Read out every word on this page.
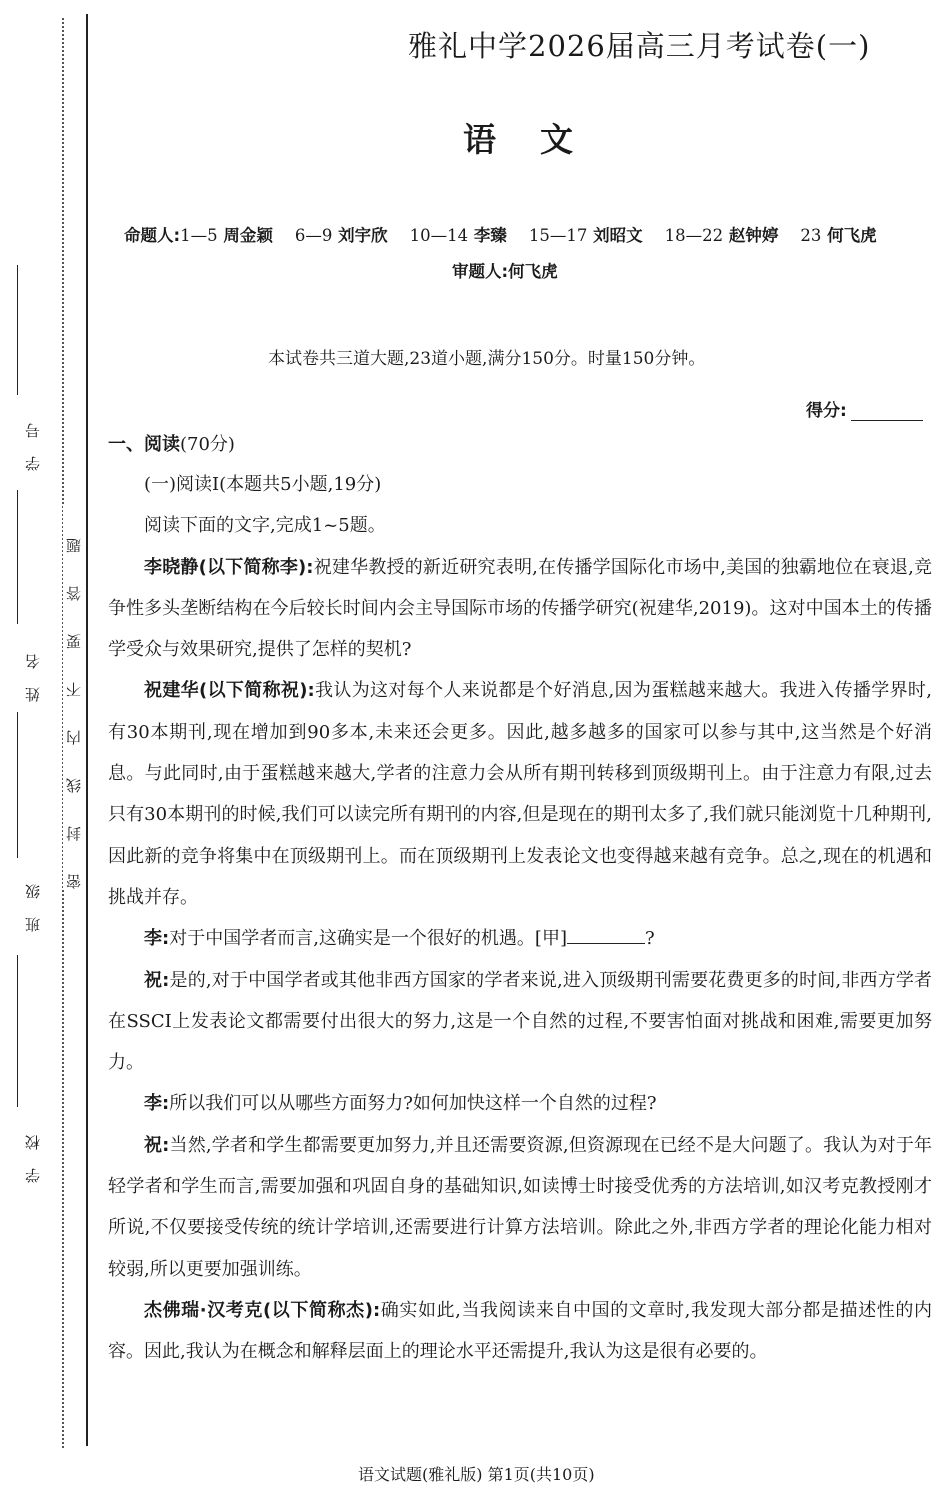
学号
姓名
班级
学校
密封线内不要答题
雅礼中学2026届高三月考试卷(一)
语文
命题人:1—5 周金颖 6—9 刘宇欣 10—14 李臻 15—17 刘昭文 18—22 赵钟婷 23 何飞虎
审题人:何飞虎
本试卷共三道大题,23道小题,满分150分。时量150分钟。
得分:
一、阅读(70分)

(一)阅读Ⅰ(本题共5小题,19分)

阅读下面的文字,完成1~5题。

李晓静(以下简称李):祝建华教授的新近研究表明,在传播学国际化市场中,美国的独霸地位在衰退,竞争性多头垄断结构在今后较长时间内会主导国际市场的传播学研究(祝建华,2019)。这对中国本土的传播学受众与效果研究,提供了怎样的契机?

祝建华(以下简称祝):我认为这对每个人来说都是个好消息,因为蛋糕越来越大。我进入传播学界时,有30本期刊,现在增加到90多本,未来还会更多。因此,越多越多的国家可以参与其中,这当然是个好消息。与此同时,由于蛋糕越来越大,学者的注意力会从所有期刊转移到顶级期刊上。由于注意力有限,过去只有30本期刊的时候,我们可以读完所有期刊的内容,但是现在的期刊太多了,我们就只能浏览十几种期刊,因此新的竞争将集中在顶级期刊上。而在顶级期刊上发表论文也变得越来越有竞争。总之,现在的机遇和挑战并存。

李:对于中国学者而言,这确实是一个很好的机遇。[甲]	?

祝:是的,对于中国学者或其他非西方国家的学者来说,进入顶级期刊需要花费更多的时间,非西方学者在SSCI上发表论文都需要付出很大的努力,这是一个自然的过程,不要害怕面对挑战和困难,需要更加努力。

李:所以我们可以从哪些方面努力?如何加快这样一个自然的过程?

祝:当然,学者和学生都需要更加努力,并且还需要资源,但资源现在已经不是大问题了。我认为对于年轻学者和学生而言,需要加强和巩固自身的基础知识,如读博士时接受优秀的方法培训,如汉考克教授刚才所说,不仅要接受传统的统计学培训,还需要进行计算方法培训。除此之外,非西方学者的理论化能力相对较弱,所以更要加强训练。

杰佛瑞·汉考克(以下简称杰):确实如此,当我阅读来自中国的文章时,我发现大部分都是描述性的内容。因此,我认为在概念和解释层面上的理论水平还需提升,我认为这是很有必要的。

语文试题(雅礼版) 第1页(共10页)
